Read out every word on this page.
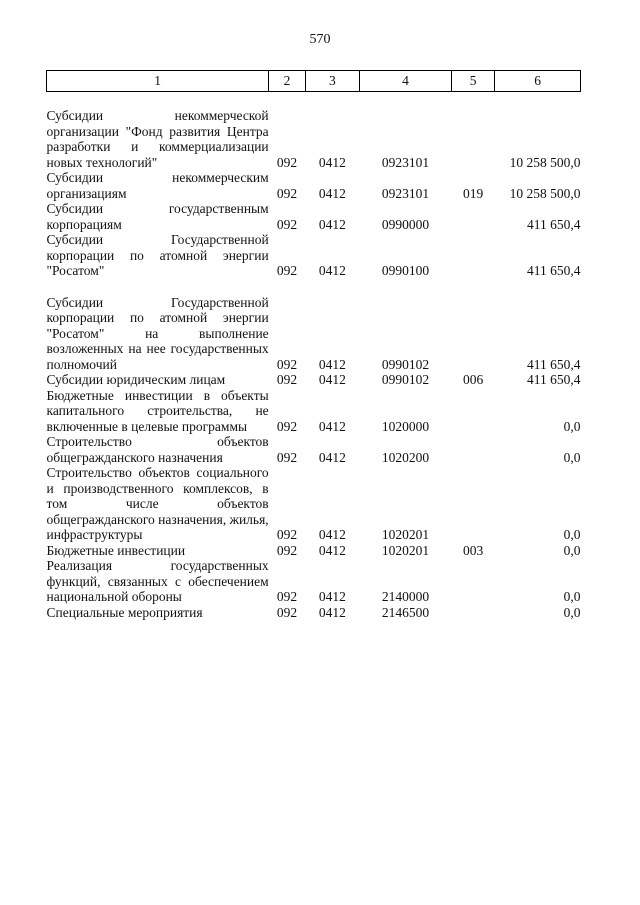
570
1	2	3	4	5	6

Субсидии некоммерческой организации "Фонд развития Центра разработки и коммерциализации новых технологий"	092	0412	0923101		10 258 500,0
Субсидии некоммерческим организациям	092	0412	0923101	019	10 258 500,0
Субсидии государственным корпорациям	092	0412	0990000		411 650,4
Субсидии Государственной корпорации по атомной энергии "Росатом"	092	0412	0990100		411 650,4

Субсидии Государственной корпорации по атомной энергии "Росатом" на выполнение возложенных на нее государственных полномочий	092	0412	0990102		411 650,4
Субсидии юридическим лицам	092	0412	0990102	006	411 650,4
Бюджетные инвестиции в объекты капитального строительства, не включенные в целевые программы	092	0412	1020000		0,0
Строительство объектов общегражданского назначения	092	0412	1020200		0,0
Строительство объектов социального и производственного комплексов, в том числе объектов общегражданского назначения, жилья, инфраструктуры	092	0412	1020201		0,0
Бюджетные инвестиции	092	0412	1020201	003	0,0
Реализация государственных функций, связанных с обеспечением национальной обороны	092	0412	2140000		0,0
Специальные мероприятия	092	0412	2146500		0,0
